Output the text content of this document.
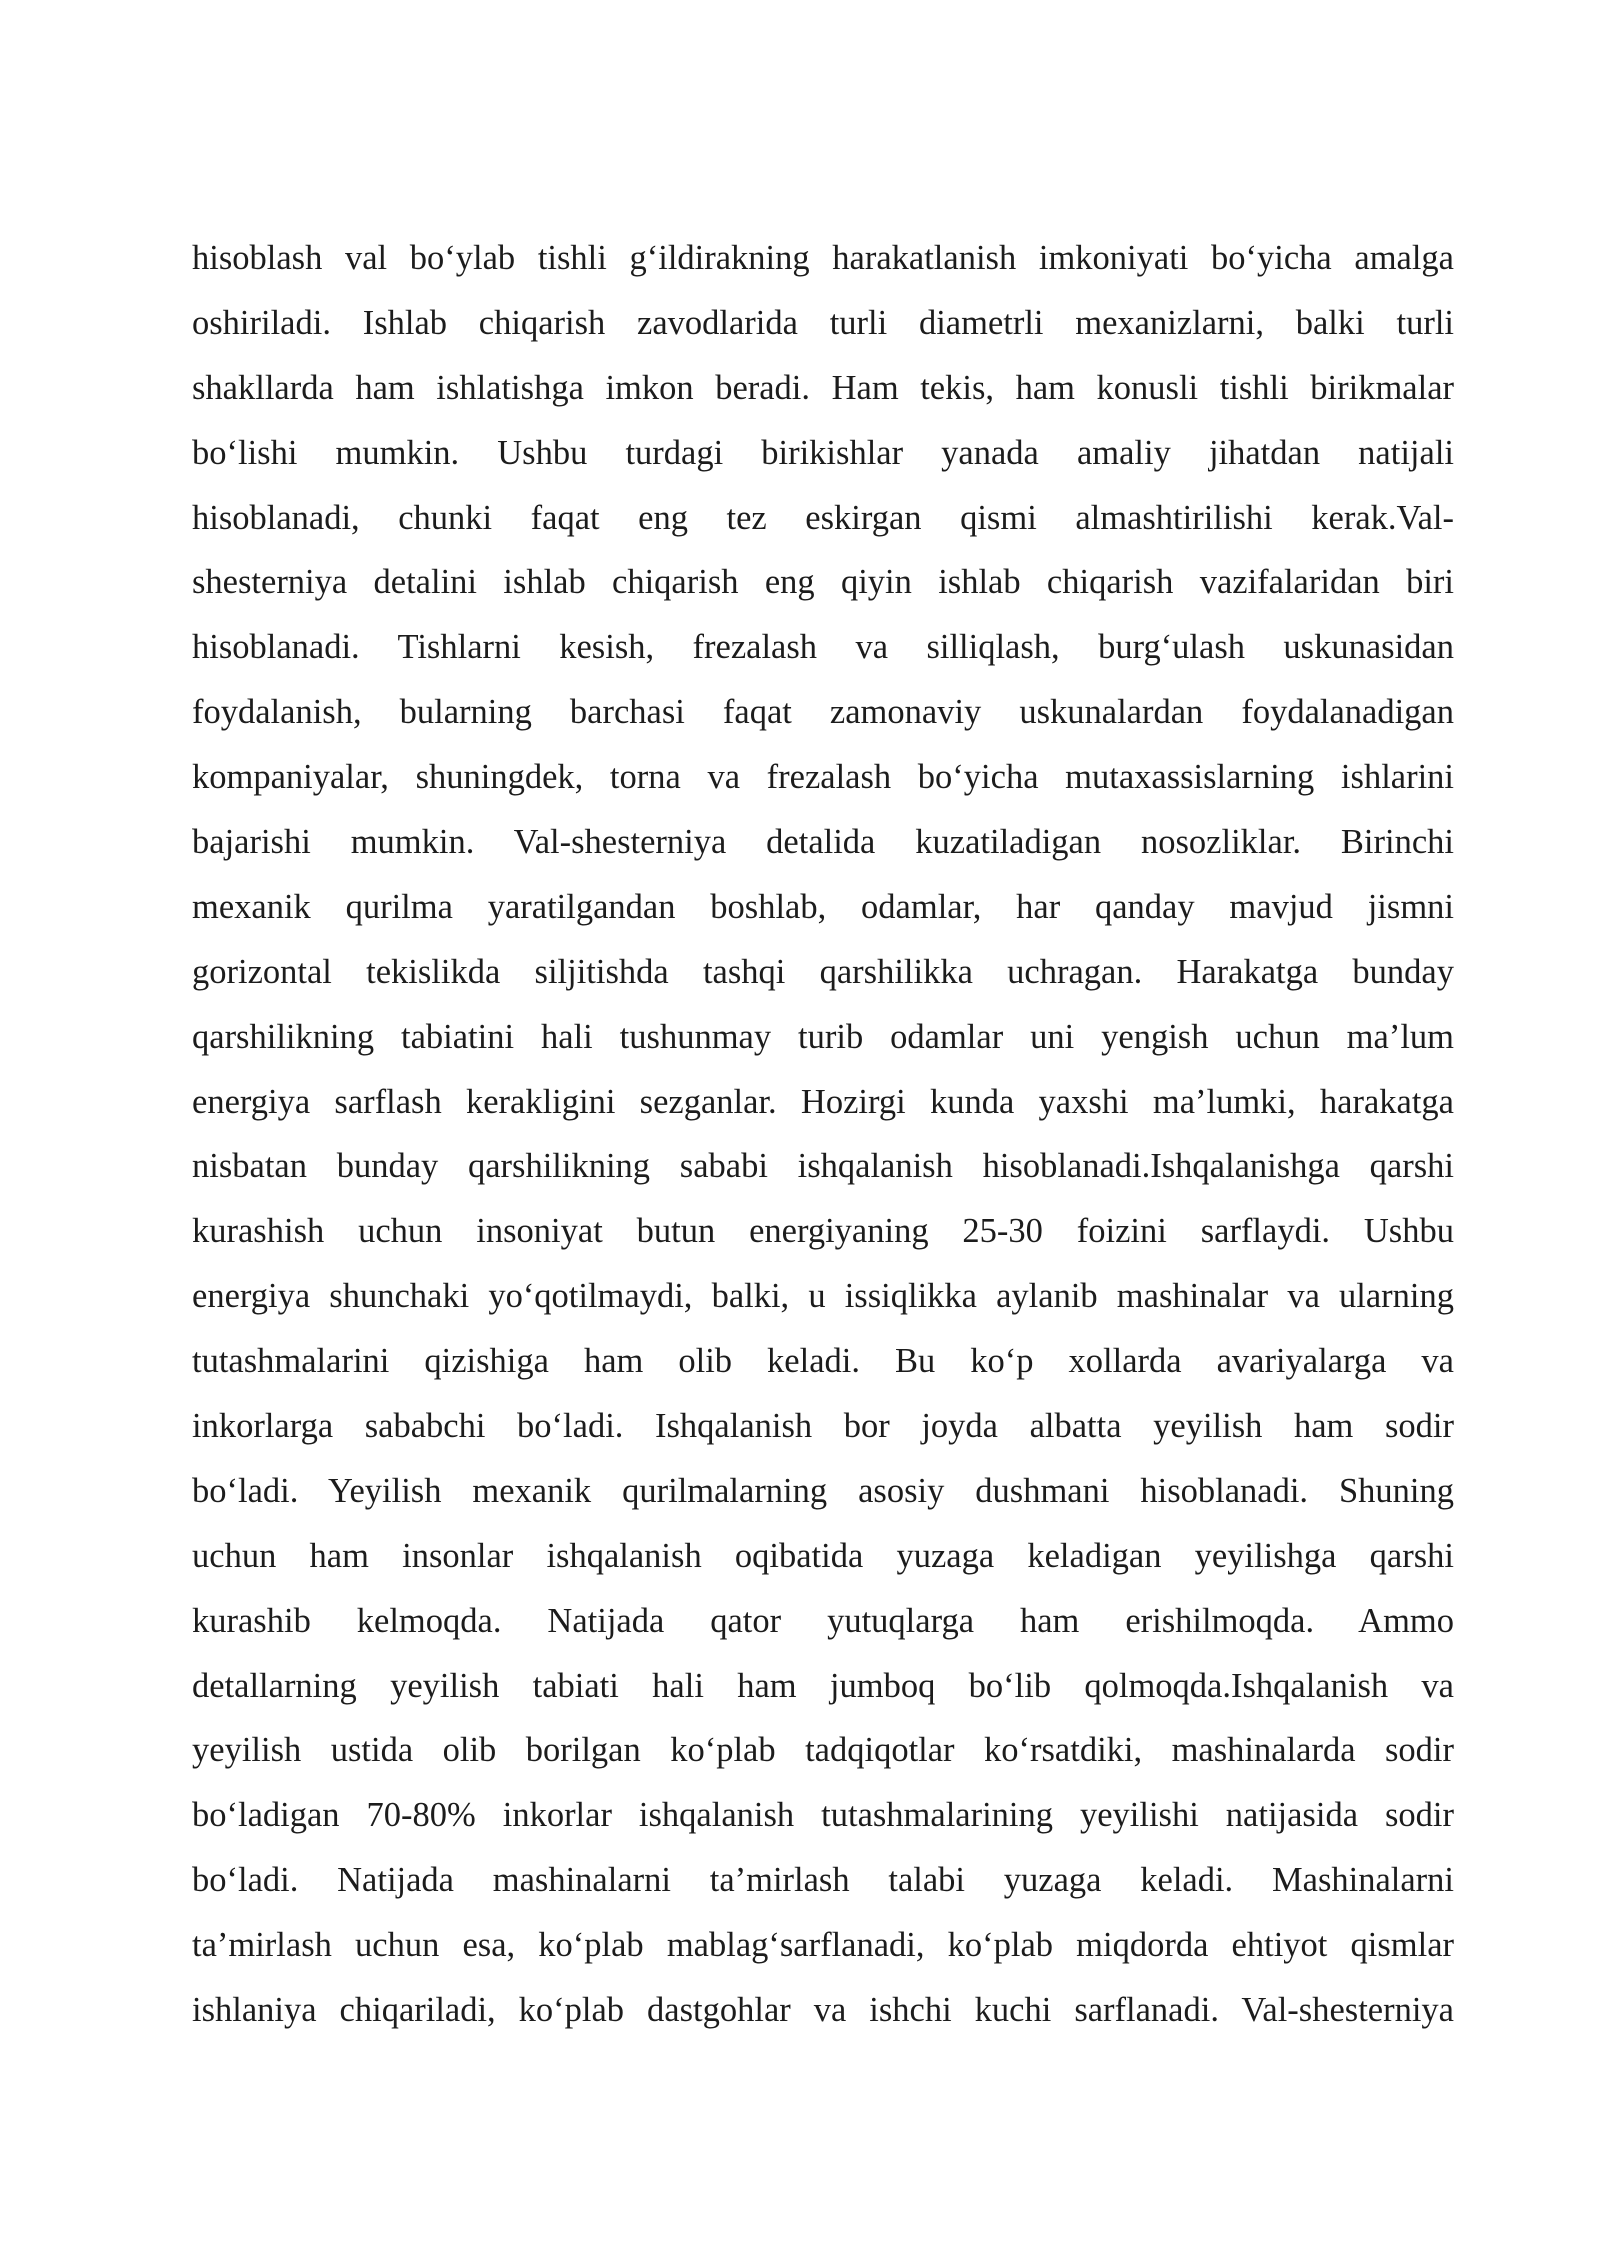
hisoblash val bo‘ylab tishli g‘ildirakning harakatlanish imkoniyati bo‘yicha amalga
oshiriladi. Ishlab chiqarish zavodlarida turli diametrli mexanizlarni, balki turli
shakllarda ham ishlatishga imkon beradi. Ham tekis, ham konusli tishli birikmalar
bo‘lishi mumkin. Ushbu turdagi birikishlar yanada amaliy jihatdan natijali
hisoblanadi, chunki faqat eng tez eskirgan qismi almashtirilishi kerak.Val-
shesterniya detalini ishlab chiqarish eng qiyin ishlab chiqarish vazifalaridan biri
hisoblanadi. Tishlarni kesish, frezalash va silliqlash, burg‘ulash uskunasidan
foydalanish, bularning barchasi faqat zamonaviy uskunalardan foydalanadigan
kompaniyalar, shuningdek, torna va frezalash bo‘yicha mutaxassislarning ishlarini
bajarishi mumkin. Val-shesterniya detalida kuzatiladigan nosozliklar. Birinchi
mexanik qurilma yaratilgandan boshlab, odamlar, har qanday mavjud jismni
gorizontal tekislikda siljitishda tashqi qarshilikka uchragan. Harakatga bunday
qarshilikning tabiatini hali tushunmay turib odamlar uni yengish uchun ma’lum
energiya sarflash kerakligini sezganlar. Hozirgi kunda yaxshi ma’lumki, harakatga
nisbatan bunday qarshilikning sababi ishqalanish hisoblanadi.Ishqalanishga qarshi
kurashish uchun insoniyat butun energiyaning 25-30 foizini sarflaydi. Ushbu
energiya shunchaki yo‘qotilmaydi, balki, u issiqlikka aylanib mashinalar va ularning
tutashmalarini qizishiga ham olib keladi. Bu ko‘p xollarda avariyalarga va
inkorlarga sababchi bo‘ladi. Ishqalanish bor joyda albatta yeyilish ham sodir
bo‘ladi. Yeyilish mexanik qurilmalarning asosiy dushmani hisoblanadi. Shuning
uchun ham insonlar ishqalanish oqibatida yuzaga keladigan yeyilishga qarshi
kurashib kelmoqda. Natijada qator yutuqlarga ham erishilmoqda. Ammo
detallarning yeyilish tabiati hali ham jumboq bo‘lib qolmoqda.Ishqalanish va
yeyilish ustida olib borilgan ko‘plab tadqiqotlar ko‘rsatdiki, mashinalarda sodir
bo‘ladigan 70-80% inkorlar ishqalanish tutashmalarining yeyilishi natijasida sodir
bo‘ladi. Natijada mashinalarni ta’mirlash talabi yuzaga keladi. Mashinalarni
ta’mirlash uchun esa, ko‘plab mablag‘sarflanadi, ko‘plab miqdorda ehtiyot qismlar
ishlaniya chiqariladi, ko‘plab dastgohlar va ishchi kuchi sarflanadi. Val-shesterniya
